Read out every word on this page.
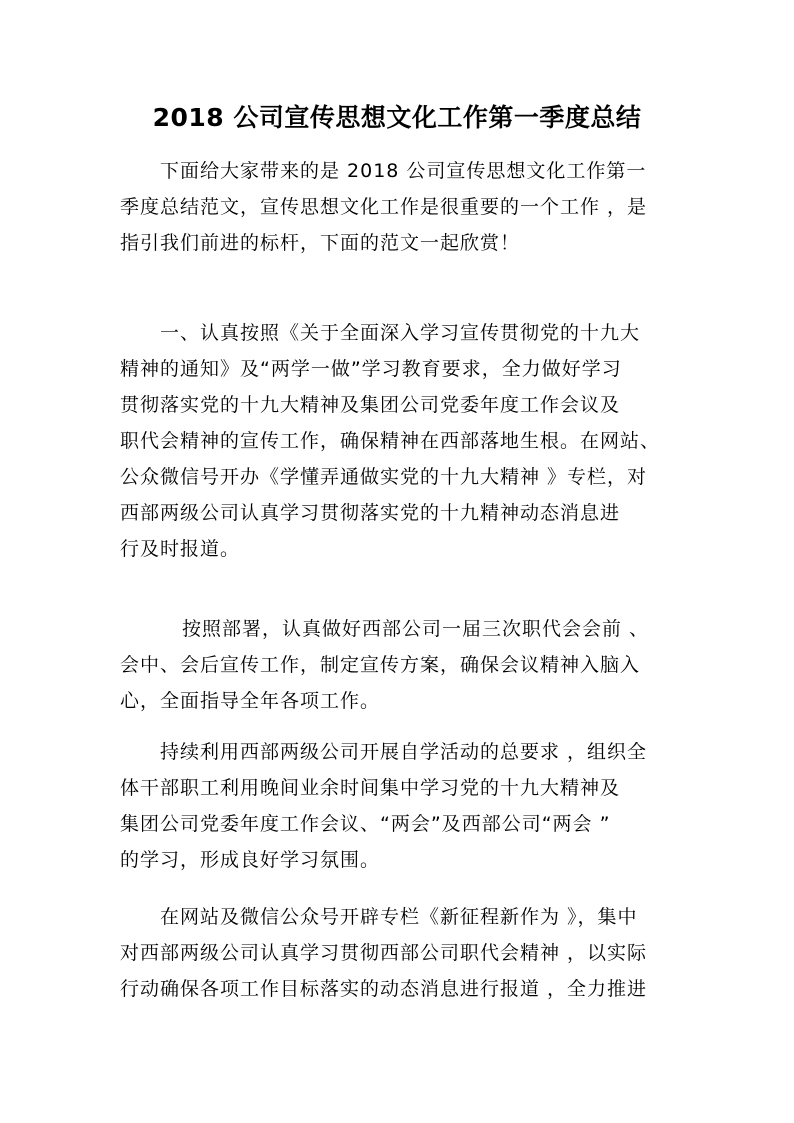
2018 公司宣传思想文化工作第一季度总结
下面给大家带来的是 2018 公司宣传思想文化工作第一
季度总结范文，宣传思想文化工作是很重要的一个工作 ，是
指引我们前进的标杆，下面的范文一起欣赏！
一、认真按照《关于全面深入学习宣传贯彻党的十九大
精神的通知》及“两学一做”学习教育要求，全力做好学习
贯彻落实党的十九大精神及集团公司党委年度工作会议及
职代会精神的宣传工作，确保精神在西部落地生根。在网站、
公众微信号开办《学懂弄通做实党的十九大精神 》专栏，对
西部两级公司认真学习贯彻落实党的十九精神动态消息进
行及时报道。
按照部署，认真做好西部公司一届三次职代会会前 、
会中、会后宣传工作，制定宣传方案，确保会议精神入脑入
心，全面指导全年各项工作。
持续利用西部两级公司开展自学活动的总要求 ，组织全
体干部职工利用晚间业余时间集中学习党的十九大精神及
集团公司党委年度工作会议、“两会”及西部公司“两会 ”
的学习，形成良好学习氛围。
在网站及微信公众号开辟专栏《新征程新作为 》，集中
对西部两级公司认真学习贯彻西部公司职代会精神 ，以实际
行动确保各项工作目标落实的动态消息进行报道 ，全力推进
